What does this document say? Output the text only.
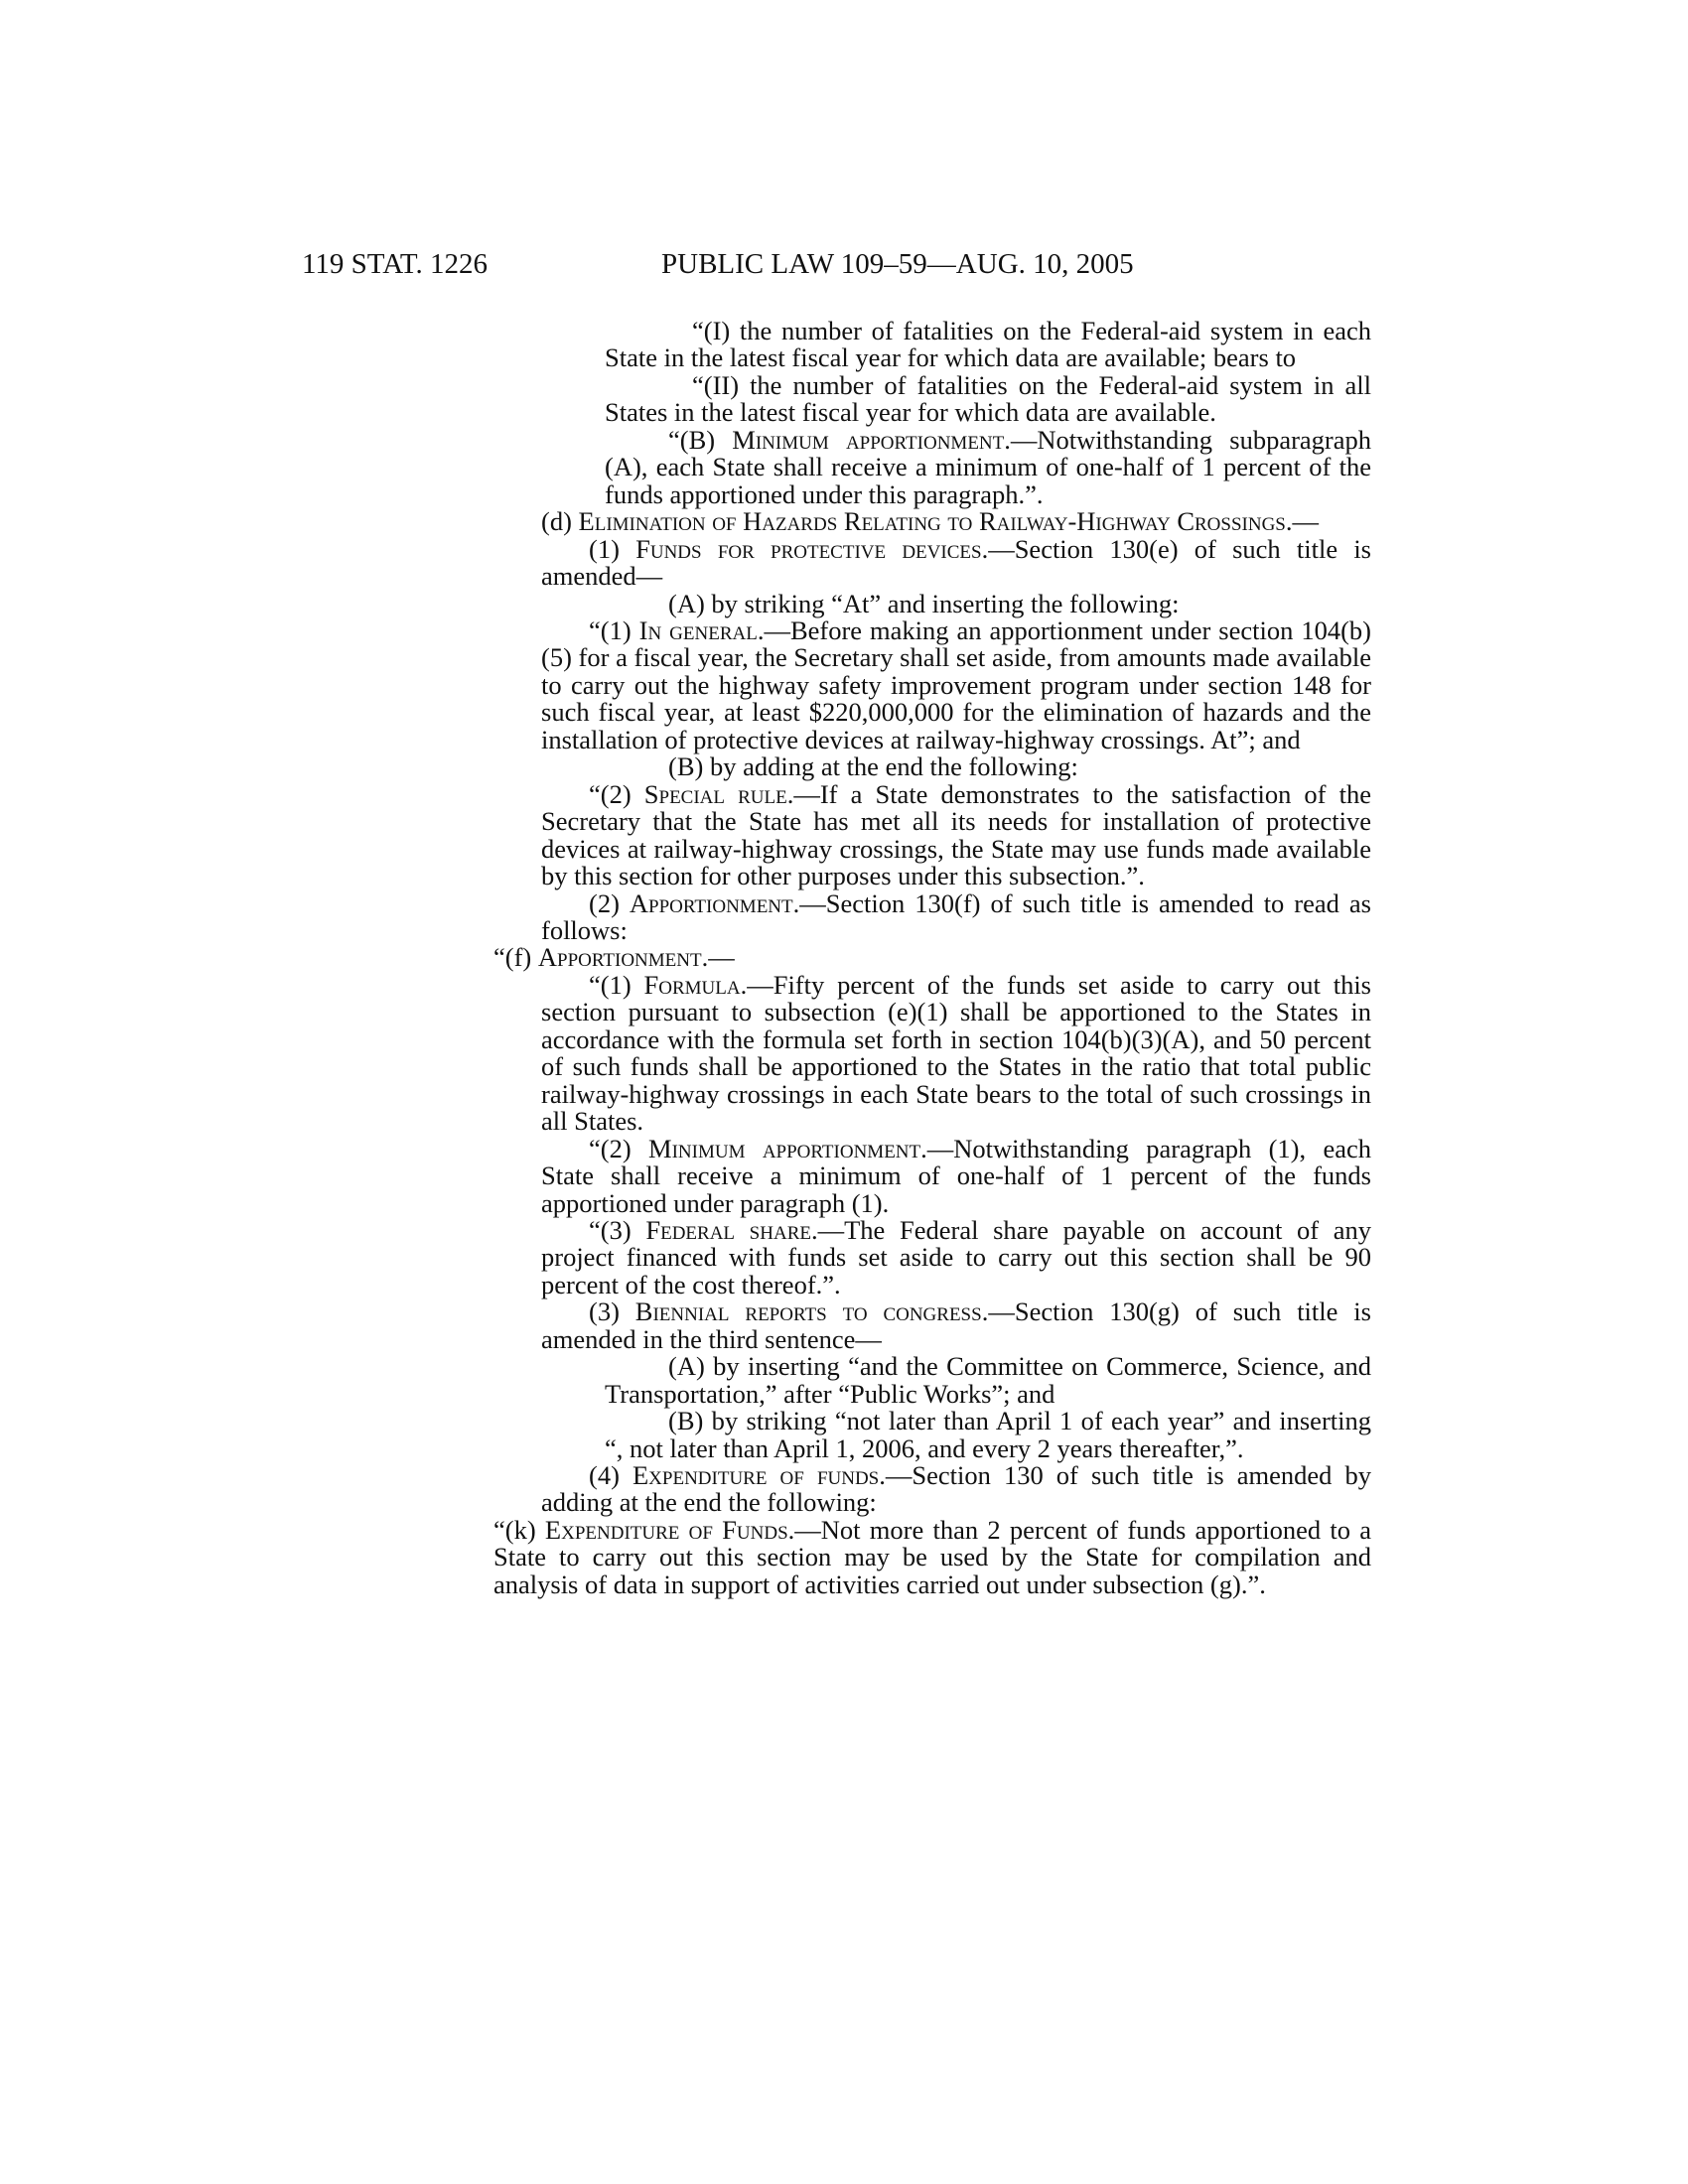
119 STAT. 1226	PUBLIC LAW 109–59—AUG. 10, 2005

“(I) the number of fatalities on the Federal-aid system in each State in the latest fiscal year for which data are available; bears to

“(II) the number of fatalities on the Federal-aid system in all States in the latest fiscal year for which data are available.

“(B) Minimum apportionment.—Notwithstanding subparagraph (A), each State shall receive a minimum of one-half of 1 percent of the funds apportioned under this paragraph.”.

(d) Elimination of Hazards Relating to Railway-Highway Crossings.—

(1) Funds for protective devices.—Section 130(e) of such title is amended—

(A) by striking “At” and inserting the following:

“(1) In general.—Before making an apportionment under section 104(b)(5) for a fiscal year, the Secretary shall set aside, from amounts made available to carry out the highway safety improvement program under section 148 for such fiscal year, at least $220,000,000 for the elimination of hazards and the installation of protective devices at railway-highway crossings. At”; and

(B) by adding at the end the following:

“(2) Special rule.—If a State demonstrates to the satisfaction of the Secretary that the State has met all its needs for installation of protective devices at railway-highway crossings, the State may use funds made available by this section for other purposes under this subsection.”.

(2) Apportionment.—Section 130(f) of such title is amended to read as follows:

“(f) Apportionment.—

“(1) Formula.—Fifty percent of the funds set aside to carry out this section pursuant to subsection (e)(1) shall be apportioned to the States in accordance with the formula set forth in section 104(b)(3)(A), and 50 percent of such funds shall be apportioned to the States in the ratio that total public railway-highway crossings in each State bears to the total of such crossings in all States.

“(2) Minimum apportionment.—Notwithstanding paragraph (1), each State shall receive a minimum of one-half of 1 percent of the funds apportioned under paragraph (1).

“(3) Federal share.—The Federal share payable on account of any project financed with funds set aside to carry out this section shall be 90 percent of the cost thereof.”.

(3) Biennial reports to congress.—Section 130(g) of such title is amended in the third sentence—

(A) by inserting “and the Committee on Commerce, Science, and Transportation,” after “Public Works”; and

(B) by striking “not later than April 1 of each year” and inserting “, not later than April 1, 2006, and every 2 years thereafter,”.

(4) Expenditure of funds.—Section 130 of such title is amended by adding at the end the following:

“(k) Expenditure of Funds.—Not more than 2 percent of funds apportioned to a State to carry out this section may be used by the State for compilation and analysis of data in support of activities carried out under subsection (g).”.
